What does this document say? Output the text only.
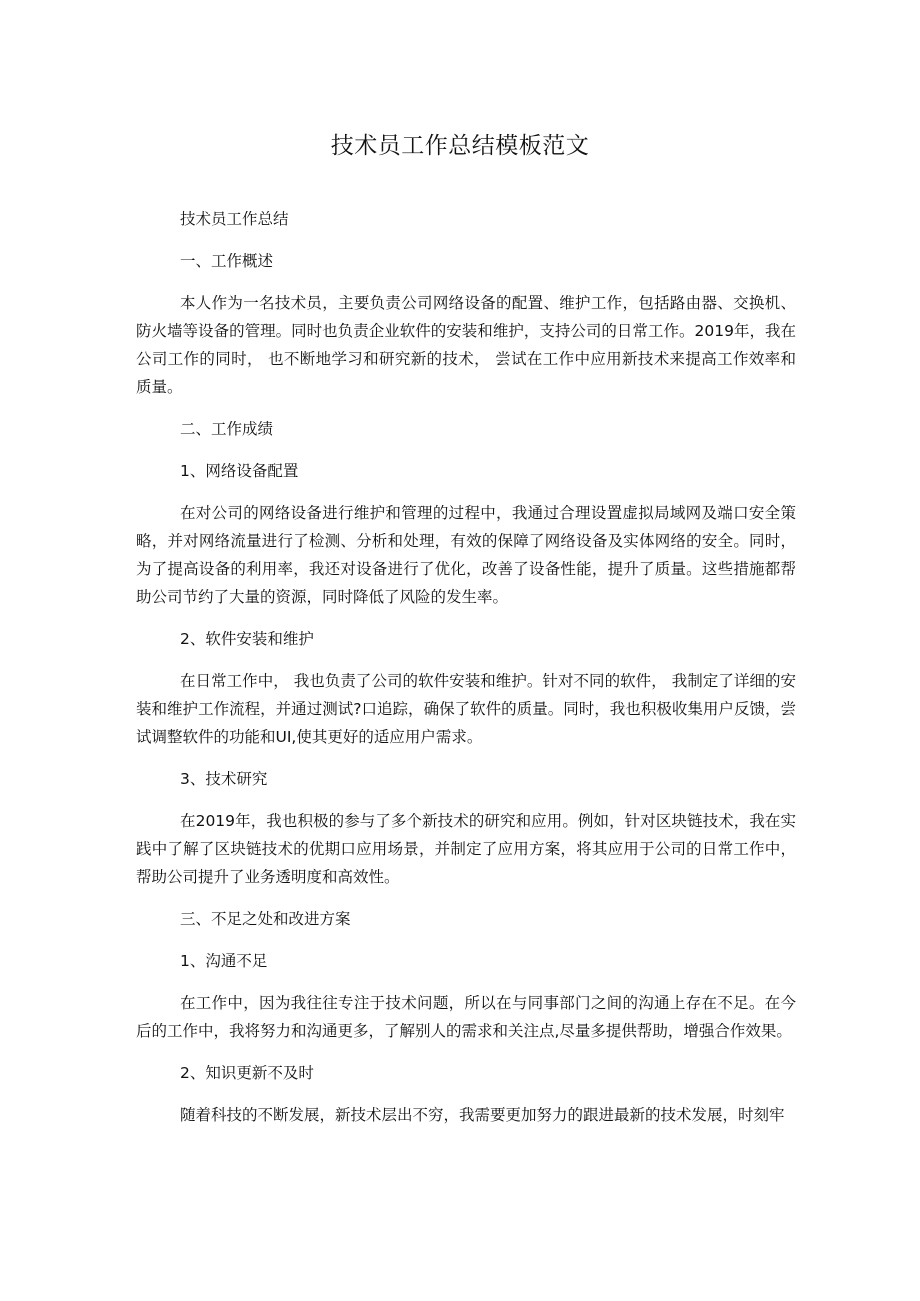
技术员工作总结模板范文

技术员工作总结

一、工作概述

本人作为一名技术员，主要负责公司网络设备的配置、维护工作，包括路由器、交换机、防火墙等设备的管理。同时也负责企业软件的安装和维护，支持公司的日常工作。2019年，我在公司工作的同时， 也不断地学习和研究新的技术， 尝试在工作中应用新技术来提高工作效率和质量。

二、工作成绩

1、网络设备配置

在对公司的网络设备进行维护和管理的过程中，我通过合理设置虚拟局域网及端口安全策略，并对网络流量进行了检测、分析和处理，有效的保障了网络设备及实体网络的安全。同时，为了提高设备的利用率，我还对设备进行了优化，改善了设备性能，提升了质量。这些措施都帮助公司节约了大量的资源，同时降低了风险的发生率。

2、软件安装和维护

在日常工作中， 我也负责了公司的软件安装和维护。针对不同的软件， 我制定了详细的安装和维护工作流程，并通过测试?口追踪，确保了软件的质量。同时，我也积极收集用户反馈，尝试调整软件的功能和UI,使其更好的适应用户需求。

3、技术研究

在2019年，我也积极的参与了多个新技术的研究和应用。例如，针对区块链技术，我在实践中了解了区块链技术的优期口应用场景，并制定了应用方案，将其应用于公司的日常工作中，帮助公司提升了业务透明度和高效性。

三、不足之处和改进方案

1、沟通不足

在工作中，因为我往往专注于技术问题，所以在与同事部门之间的沟通上存在不足。在今后的工作中，我将努力和沟通更多，了解别人的需求和关注点,尽量多提供帮助，增强合作效果。

2、知识更新不及时

随着科技的不断发展，新技术层出不穷，我需要更加努力的跟进最新的技术发展，时刻牢
